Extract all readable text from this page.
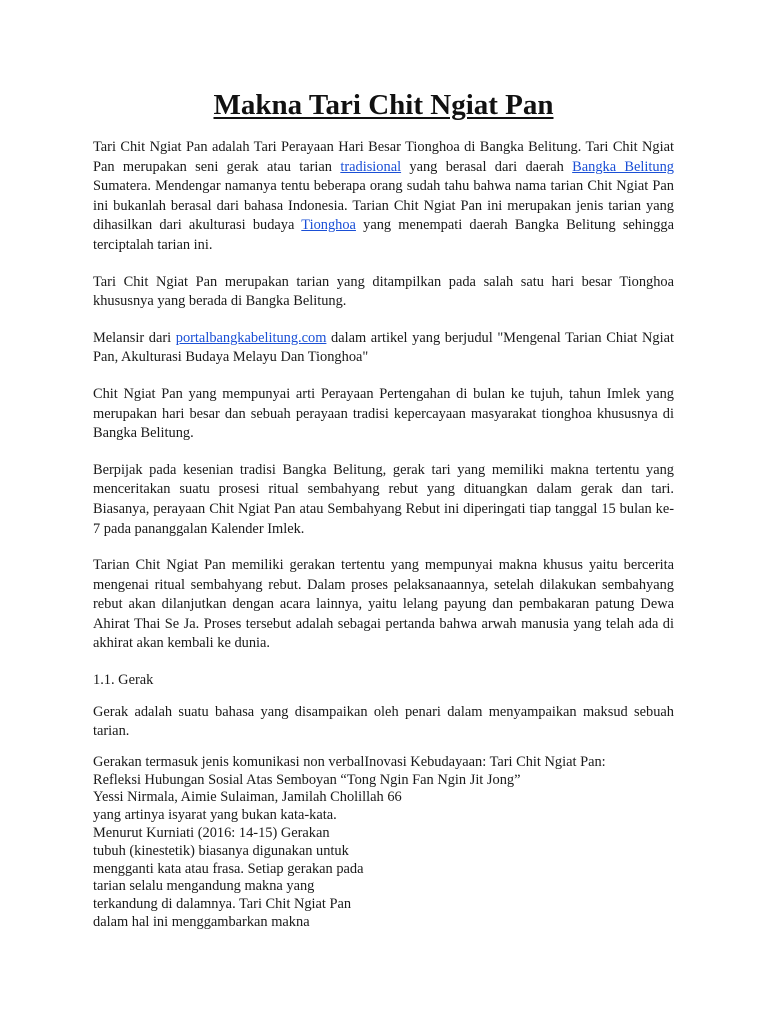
Makna Tari Chit Ngiat Pan

Tari Chit Ngiat Pan adalah Tari Perayaan Hari Besar Tionghoa di Bangka Belitung. Tari Chit Ngiat Pan merupakan seni gerak atau tarian tradisional yang berasal dari daerah Bangka Belitung Sumatera. Mendengar namanya tentu beberapa orang sudah tahu bahwa nama tarian Chit Ngiat Pan ini bukanlah berasal dari bahasa Indonesia. Tarian Chit Ngiat Pan ini merupakan jenis tarian yang dihasilkan dari akulturasi budaya Tionghoa yang menempati daerah Bangka Belitung sehingga terciptalah tarian ini.

Tari Chit Ngiat Pan merupakan tarian yang ditampilkan pada salah satu hari besar Tionghoa khususnya yang berada di Bangka Belitung.

Melansir dari portalbangkabelitung.com dalam artikel yang berjudul "Mengenal Tarian Chiat Ngiat Pan, Akulturasi Budaya Melayu Dan Tionghoa"

Chit Ngiat Pan yang mempunyai arti Perayaan Pertengahan di bulan ke tujuh, tahun Imlek yang merupakan hari besar dan sebuah perayaan tradisi kepercayaan masyarakat tionghoa khususnya di Bangka Belitung.

Berpijak pada kesenian tradisi Bangka Belitung, gerak tari yang memiliki makna tertentu yang menceritakan suatu prosesi ritual sembahyang rebut yang dituangkan dalam gerak dan tari. Biasanya, perayaan Chit Ngiat Pan atau Sembahyang Rebut ini diperingati tiap tanggal 15 bulan ke- 7 pada pananggalan Kalender Imlek.

Tarian Chit Ngiat Pan memiliki gerakan tertentu yang mempunyai makna khusus yaitu bercerita mengenai ritual sembahyang rebut. Dalam proses pelaksanaannya, setelah dilakukan sembahyang rebut akan dilanjutkan dengan acara lainnya, yaitu lelang payung dan pembakaran patung Dewa Ahirat Thai Se Ja. Proses tersebut adalah sebagai pertanda bahwa arwah manusia yang telah ada di akhirat akan kembali ke dunia.

1.1. Gerak

Gerak adalah suatu bahasa yang disampaikan oleh penari dalam menyampaikan maksud sebuah tarian.

Gerakan termasuk jenis komunikasi non verbalInovasi Kebudayaan: Tari Chit Ngiat Pan:
Refleksi Hubungan Sosial Atas Semboyan “Tong Ngin Fan Ngin Jit Jong”
Yessi Nirmala, Aimie Sulaiman, Jamilah Cholillah 66
yang artinya isyarat yang bukan kata-kata.
Menurut Kurniati (2016: 14-15) Gerakan
tubuh (kinestetik) biasanya digunakan untuk
mengganti kata atau frasa. Setiap gerakan pada
tarian selalu mengandung makna yang
terkandung di dalamnya. Tari Chit Ngiat Pan
dalam hal ini menggambarkan makna
